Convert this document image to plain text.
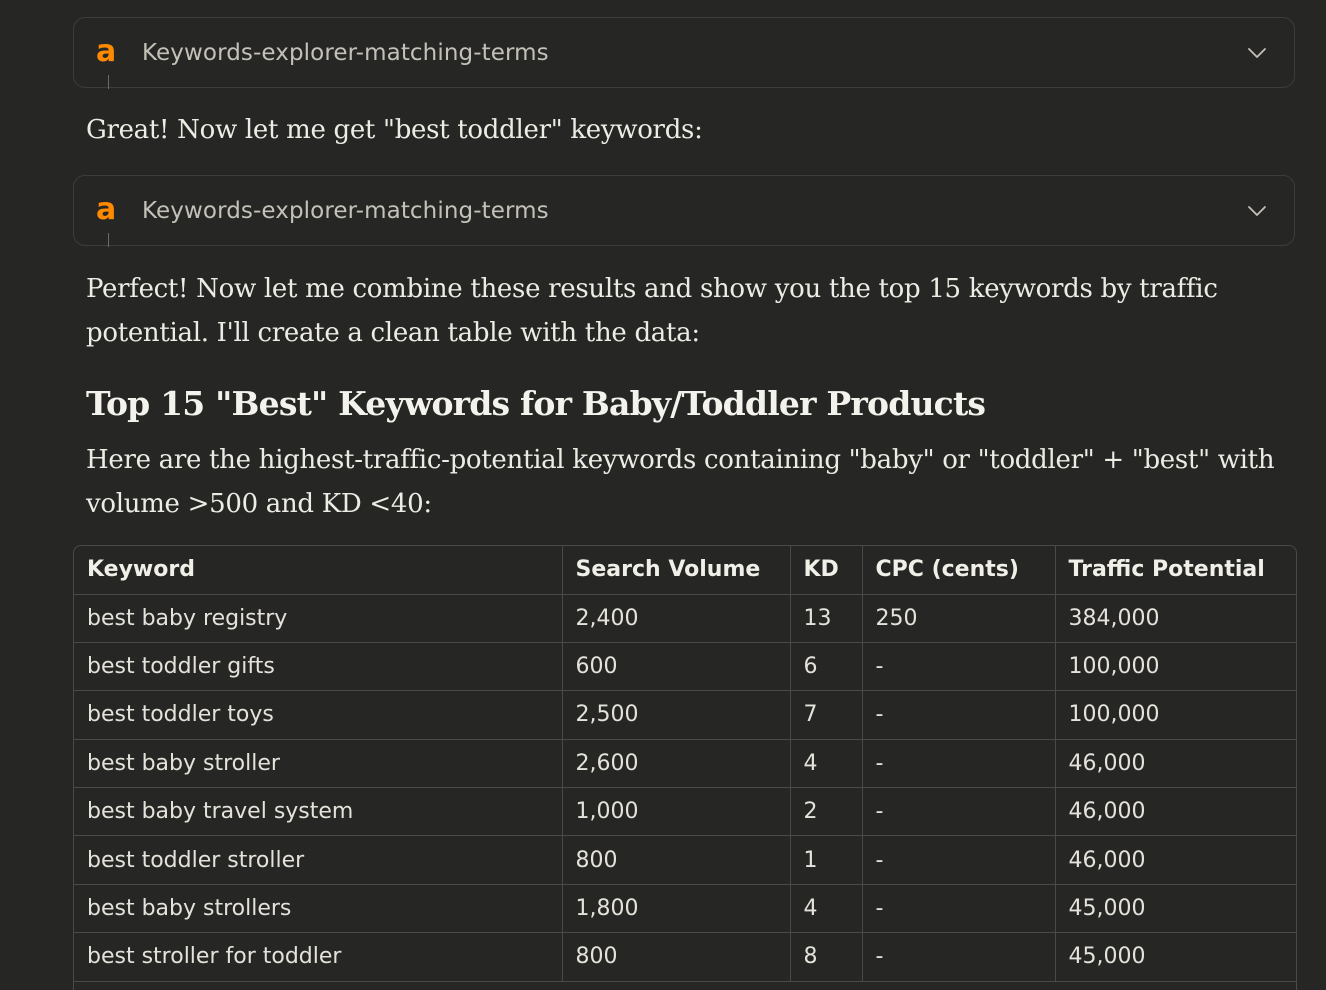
a Keywords-explorer-matching-terms

Great! Now let me get "best toddler" keywords:

a Keywords-explorer-matching-terms

Perfect! Now let me combine these results and show you the top 15 keywords by traffic

potential. I'll create a clean table with the data:

Top 15 "Best" Keywords for Baby/Toddler Products

Here are the highest-traffic-potential keywords containing "baby" or "toddler" + "best" with

volume >500 and KD <40:

Keyword	Search Volume	KD	CPC (cents)	Traffic Potential
best baby registry	2,400	13	250	384,000
best toddler gifts	600	6	-	100,000
best toddler toys	2,500	7	-	100,000
best baby stroller	2,600	4	-	46,000
best baby travel system	1,000	2	-	46,000
best toddler stroller	800	1	-	46,000
best baby strollers	1,800	4	-	45,000
best stroller for toddler	800	8	-	45,000
